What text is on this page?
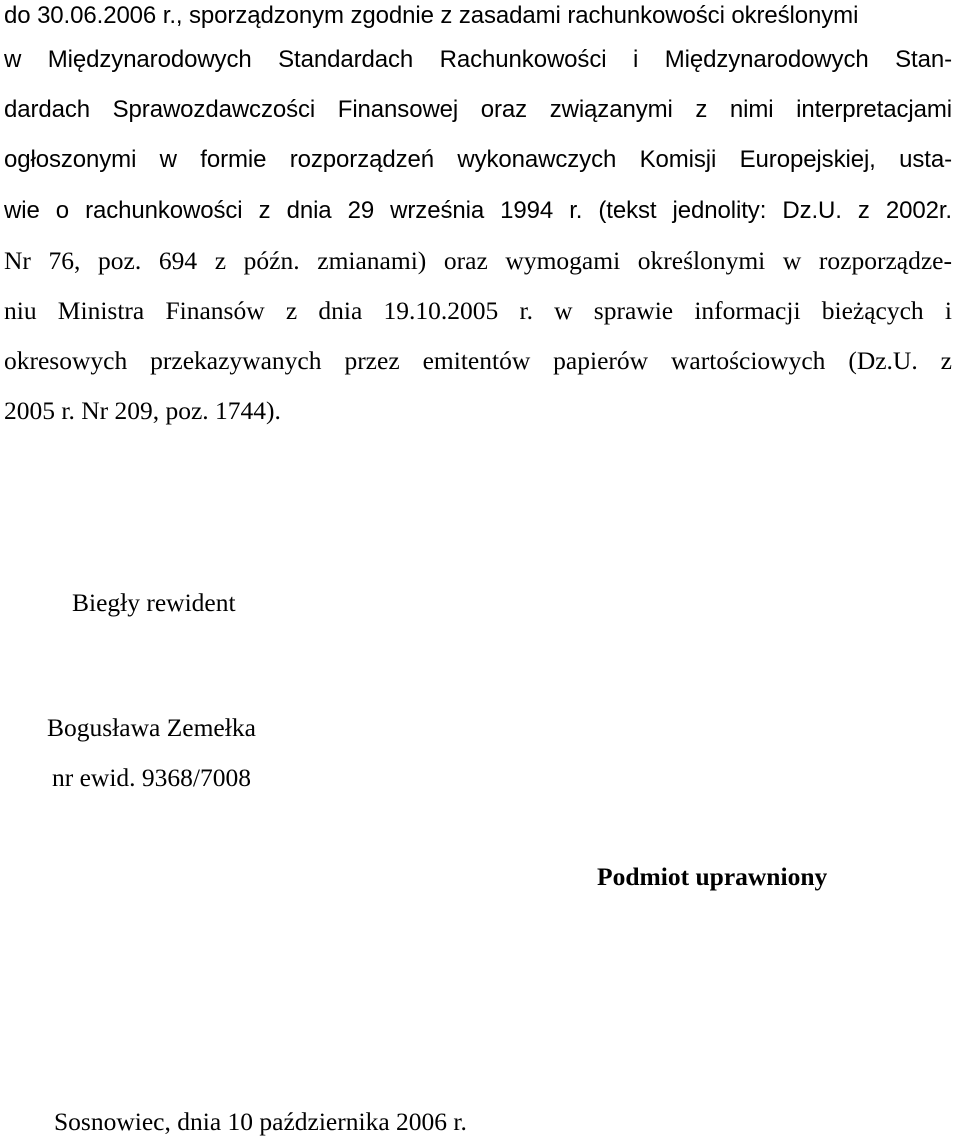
do 30.06.2006 r., sporządzonym zgodnie z zasadami rachunkowości określonymi
w Międzynarodowych Standardach Rachunkowości i Międzynarodowych Stan-
dardach Sprawozdawczości Finansowej oraz związanymi z nimi interpretacjami
ogłoszonymi w formie rozporządzeń wykonawczych Komisji Europejskiej, usta-
wie o rachunkowości z dnia 29 września 1994 r. (tekst jednolity: Dz.U. z 2002r.
Nr 76, poz. 694 z późn. zmianami) oraz wymogami określonymi w rozporządze-
niu Ministra Finansów z dnia 19.10.2005 r. w sprawie informacji bieżących i
okresowych przekazywanych przez emitentów papierów wartościowych (Dz.U. z
2005 r. Nr 209, poz. 1744).

Biegły rewident

Bogusława Zemełka

nr ewid. 9368/7008

Podmiot uprawniony

Sosnowiec, dnia 10 października 2006 r.
